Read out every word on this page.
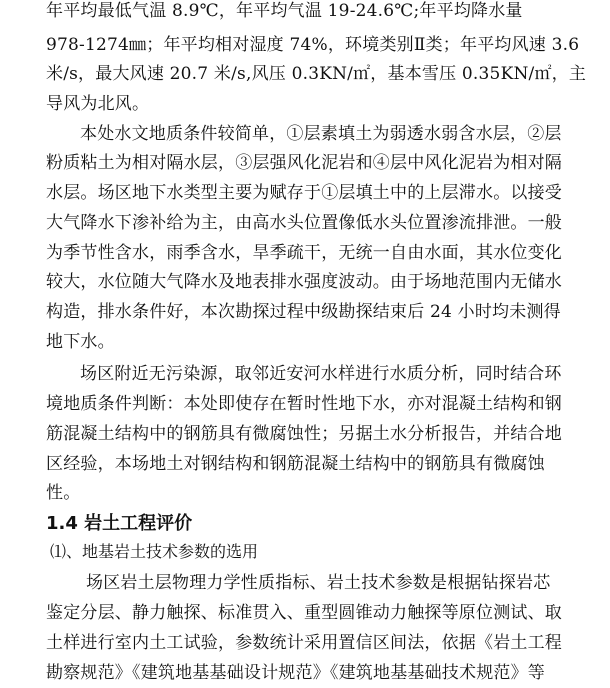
年平均最低气温 8.9℃，年平均气温 19-24.6℃;年平均降水量
978-1274㎜；年平均相对湿度 74%，环境类别Ⅱ类；年平均风速 3.6
米/s，最大风速 20.7 米/s,风压 0.3KN/㎡，基本雪压 0.35KN/㎡，主
导风为北风。
本处水文地质条件较简单，①层素填土为弱透水弱含水层，②层
粉质粘土为相对隔水层，③层强风化泥岩和④层中风化泥岩为相对隔
水层。场区地下水类型主要为赋存于①层填土中的上层滞水。以接受
大气降水下渗补给为主，由高水头位置像低水头位置渗流排泄。一般
为季节性含水，雨季含水，旱季疏干，无统一自由水面，其水位变化
较大，水位随大气降水及地表排水强度波动。由于场地范围内无储水
构造，排水条件好，本次勘探过程中级勘探结束后 24 小时均未测得
地下水。
场区附近无污染源，取邻近安河水样进行水质分析，同时结合环
境地质条件判断：本处即使存在暂时性地下水，亦对混凝土结构和钢
筋混凝土结构中的钢筋具有微腐蚀性；另据土水分析报告，并结合地
区经验，本场地土对钢结构和钢筋混凝土结构中的钢筋具有微腐蚀
性。
1.4 岩土工程评价
⑴、地基岩土技术参数的选用
场区岩土层物理力学性质指标、岩土技术参数是根据钻探岩芯
鉴定分层、静力触探、标准贯入、重型圆锥动力触探等原位测试、取
土样进行室内土工试验，参数统计采用置信区间法，依据《岩土工程
勘察规范》《建筑地基基础设计规范》《建筑地基基础技术规范》等
